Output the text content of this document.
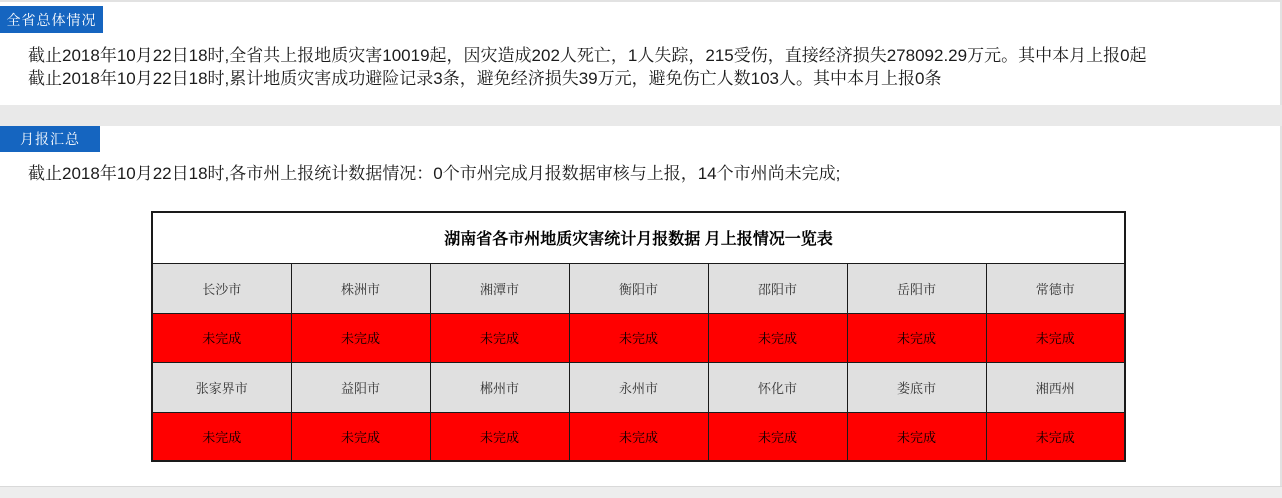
全省总体情况
截止2018年10月22日18时,全省共上报地质灾害10019起，因灾造成202人死亡，1人失踪，215受伤，直接经济损失278092.29万元。其中本月上报0起
截止2018年10月22日18时,累计地质灾害成功避险记录3条，避免经济损失39万元，避免伤亡人数103人。其中本月上报0条
月报汇总
截止2018年10月22日18时,各市州上报统计数据情况：0个市州完成月报数据审核与上报，14个市州尚未完成;
湖南省各市州地质灾害统计月报数据 月上报情况一览表						
长沙市	株洲市	湘潭市	衡阳市	邵阳市	岳阳市	常德市
未完成	未完成	未完成	未完成	未完成	未完成	未完成
张家界市	益阳市	郴州市	永州市	怀化市	娄底市	湘西州
未完成	未完成	未完成	未完成	未完成	未完成	未完成
